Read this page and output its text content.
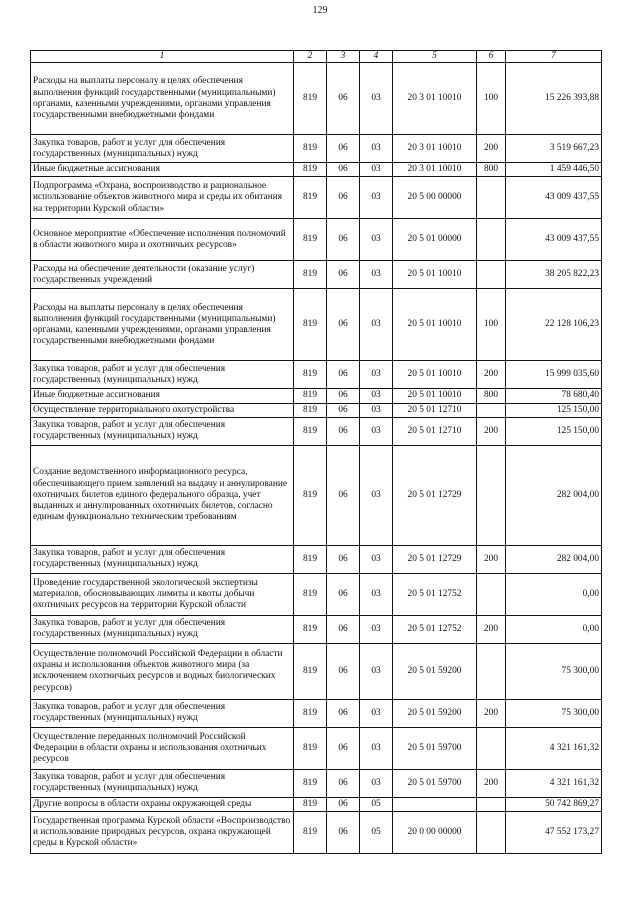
129
1	2	3	4	5	6	7
Расходы на выплаты персоналу в целях обеспечения выполнения функций государственными (муниципальными) органами, казенными учреждениями, органами управления государственными внебюджетными фондами	819	06	03	20 3 01 10010	100	15 226 393,88
Закупка товаров, работ и услуг для обеспечения государственных (муниципальных) нужд	819	06	03	20 3 01 10010	200	3 519 667,23
Иные бюджетные ассигнования	819	06	03	20 3 01 10010	800	1 459 446,50
Подпрограмма «Охрана, воспроизводство и рациональное использование объектов животного мира и среды их обитания на территории Курской области»	819	06	03	20 5 00 00000		43 009 437,55
Основное мероприятие «Обеспечение исполнения полномочий в области животного мира и охотничьих ресурсов»	819	06	03	20 5 01 00000		43 009 437,55
Расходы на обеспечение деятельности (оказание услуг) государственных учреждений	819	06	03	20 5 01 10010		38 205 822,23
Расходы на выплаты персоналу в целях обеспечения выполнения функций государственными (муниципальными) органами, казенными учреждениями, органами управления государственными внебюджетными фондами	819	06	03	20 5 01 10010	100	22 128 106,23
Закупка товаров, работ и услуг для обеспечения государственных (муниципальных) нужд	819	06	03	20 5 01 10010	200	15 999 035,60
Иные бюджетные ассигнования	819	06	03	20 5 01 10010	800	78 680,40
Осуществление территориального охотустройства	819	06	03	20 5 01 12710		125 150,00
Закупка товаров, работ и услуг для обеспечения государственных (муниципальных) нужд	819	06	03	20 5 01 12710	200	125 150,00
Создание ведомственного информационного ресурса, обеспечивающего прием заявлений на выдачу и аннулирование охотничьих билетов единого федерального образца, учет выданных и аннулированных охотничьих билетов, согласно единым функционально техническим требованиям	819	06	03	20 5 01 12729		282 004,00
Закупка товаров, работ и услуг для обеспечения государственных (муниципальных) нужд	819	06	03	20 5 01 12729	200	282 004,00
Проведение государственной экологической экспертизы материалов, обосновывающих лимиты и квоты добычи охотничьих ресурсов на территории Курской области	819	06	03	20 5 01 12752		0,00
Закупка товаров, работ и услуг для обеспечения государственных (муниципальных) нужд	819	06	03	20 5 01 12752	200	0,00
Осуществление полномочий Российской Федерации в области охраны и использования объектов животного мира (за исключением охотничьих ресурсов и водных биологических ресурсов)	819	06	03	20 5 01 59200		75 300,00
Закупка товаров, работ и услуг для обеспечения государственных (муниципальных) нужд	819	06	03	20 5 01 59200	200	75 300,00
Осуществление переданных полномочий Российской Федерации в области охраны и использования охотничьих ресурсов	819	06	03	20 5 01 59700		4 321 161,32
Закупка товаров, работ и услуг для обеспечения государственных (муниципальных) нужд	819	06	03	20 5 01 59700	200	4 321 161,32
Другие вопросы в области охраны окружающей среды	819	06	05			50 742 869,27
Государственная программа Курской области «Воспроизводство и использование природных ресурсов, охрана окружающей среды в Курской области»	819	06	05	20 0 00 00000		47 552 173,27
